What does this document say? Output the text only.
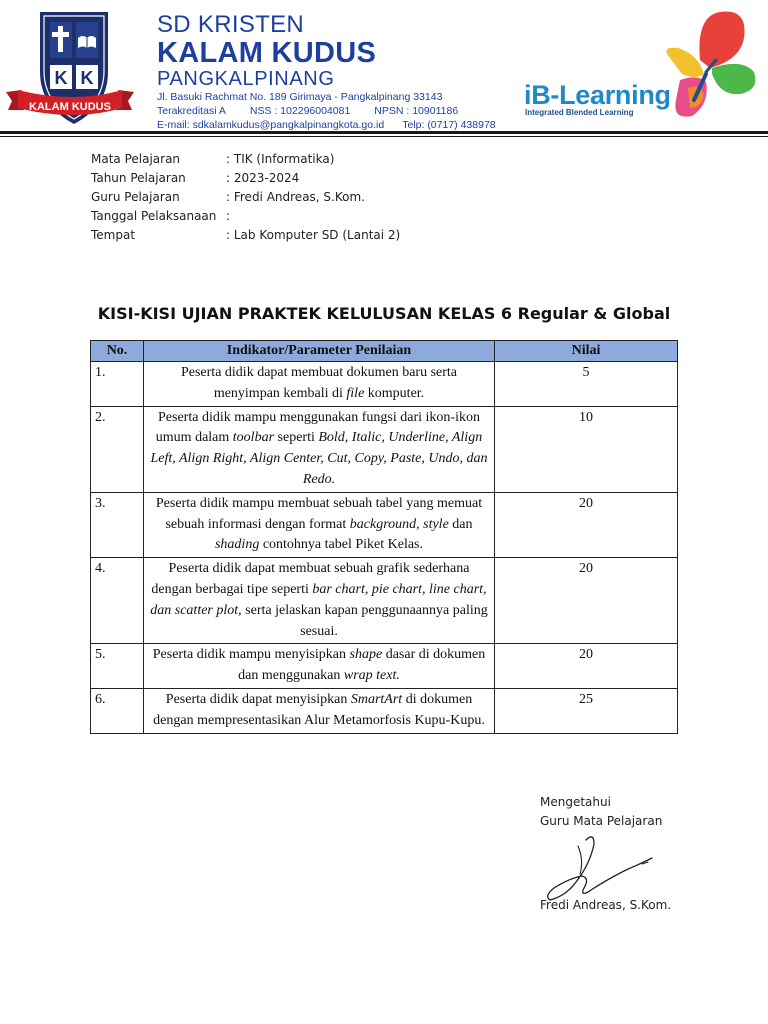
K K
KALAM KUDUS
SD KRISTEN
KALAM KUDUS
PANGKALPINANG
Jl. Basuki Rachmat No. 189 Girimaya - Pangkalpinang 33143
Terakreditasi A NSS : 102296004081 NPSN : 10901186
E-mail: sdkalamkudus@pangkalpinangkota.go.id Telp: (0717) 438978
iB-Learning
Integrated Blended Learning
Mata Pelajaran	: TIK (Informatika)
Tahun Pelajaran	: 2023-2024
Guru Pelajaran	: Fredi Andreas, S.Kom.
Tanggal Pelaksanaan :
Tempat	: Lab Komputer SD (Lantai 2)
KISI-KISI UJIAN PRAKTEK KELULUSAN KELAS 6 Regular & Global
No.	Indikator/Parameter Penilaian	Nilai
1.	Peserta didik dapat membuat dokumen baru serta menyimpan kembali di file komputer.	5
2.	Peserta didik mampu menggunakan fungsi dari ikon-ikon umum dalam toolbar seperti Bold, Italic, Underline, Align Left, Align Right, Align Center, Cut, Copy, Paste, Undo, dan Redo.	10
3.	Peserta didik mampu membuat sebuah tabel yang memuat sebuah informasi dengan format background, style dan shading contohnya tabel Piket Kelas.	20
4.	Peserta didik dapat membuat sebuah grafik sederhana dengan berbagai tipe seperti bar chart, pie chart, line chart, dan scatter plot, serta jelaskan kapan penggunaannya paling sesuai.	20
5.	Peserta didik mampu menyisipkan shape dasar di dokumen dan menggunakan wrap text.	20
6.	Peserta didik dapat menyisipkan SmartArt di dokumen dengan mempresentasikan Alur Metamorfosis Kupu-Kupu.	25
Mengetahui
Guru Mata Pelajaran
Fredi Andreas, S.Kom.
